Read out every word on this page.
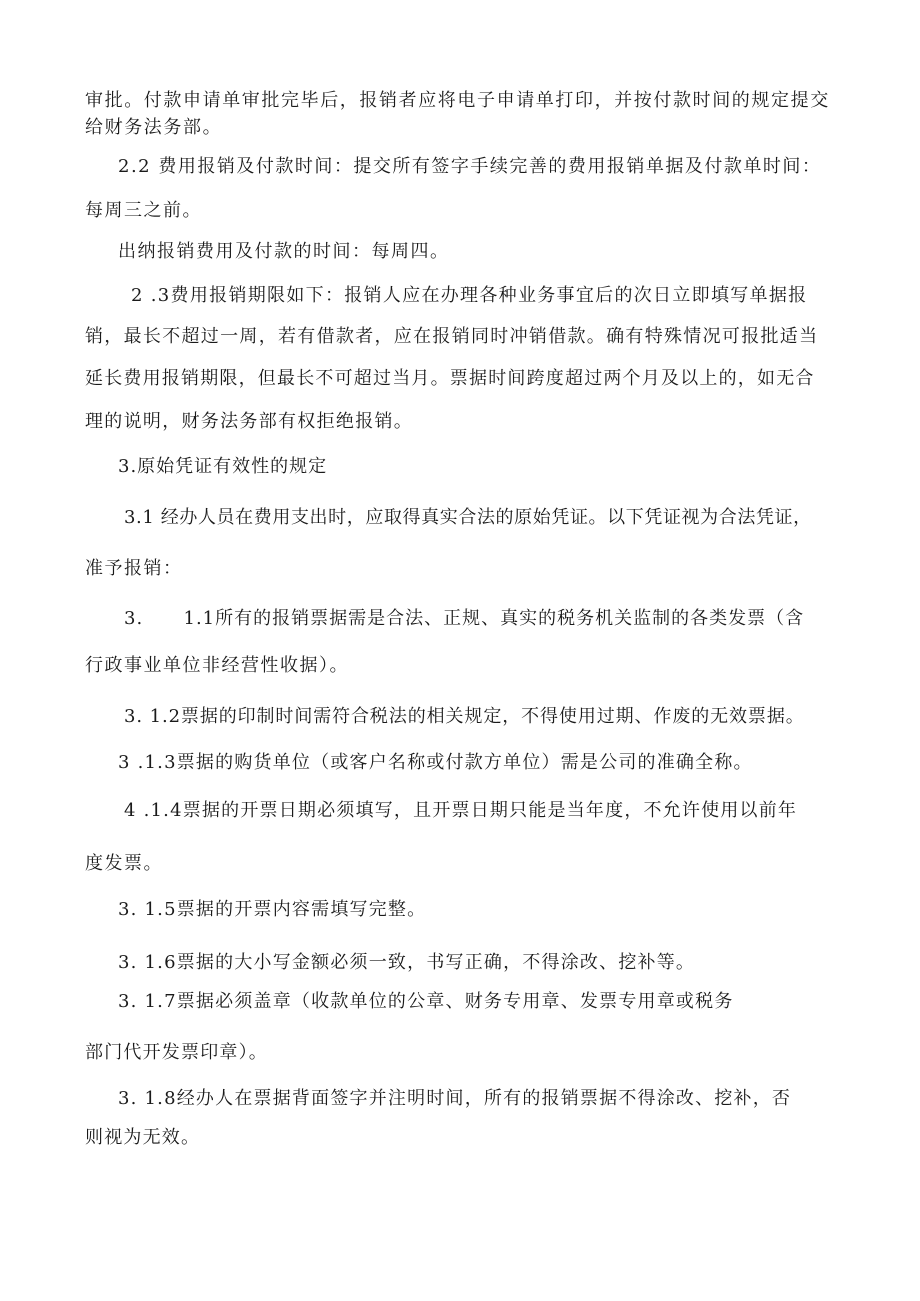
审批。付款申请单审批完毕后，报销者应将电子申请单打印，并按付款时间的规定提交
给财务法务部。
2.2 费用报销及付款时间：提交所有签字手续完善的费用报销单据及付款单时间：
每周三之前。
出纳报销费用及付款的时间：每周四。
2 .3费用报销期限如下：报销人应在办理各种业务事宜后的次日立即填写单据报
销，最长不超过一周，若有借款者，应在报销同时冲销借款。确有特殊情况可报批适当
延长费用报销期限，但最长不可超过当月。票据时间跨度超过两个月及以上的，如无合
理的说明，财务法务部有权拒绝报销。
3.原始凭证有效性的规定
3.1 经办人员在费用支出时，应取得真实合法的原始凭证。以下凭证视为合法凭证，
准予报销：
3.      1.1所有的报销票据需是合法、正规、真实的税务机关监制的各类发票（含
行政事业单位非经营性收据）。
3. 1.2票据的印制时间需符合税法的相关规定，不得使用过期、作废的无效票据。
3 .1.3票据的购货单位（或客户名称或付款方单位）需是公司的准确全称。
4 .1.4票据的开票日期必须填写，且开票日期只能是当年度，不允许使用以前年
度发票。
3. 1.5票据的开票内容需填写完整。
3. 1.6票据的大小写金额必须一致，书写正确，不得涂改、挖补等。
3. 1.7票据必须盖章（收款单位的公章、财务专用章、发票专用章或税务
部门代开发票印章）。
3. 1.8经办人在票据背面签字并注明时间，所有的报销票据不得涂改、挖补，否
则视为无效。
